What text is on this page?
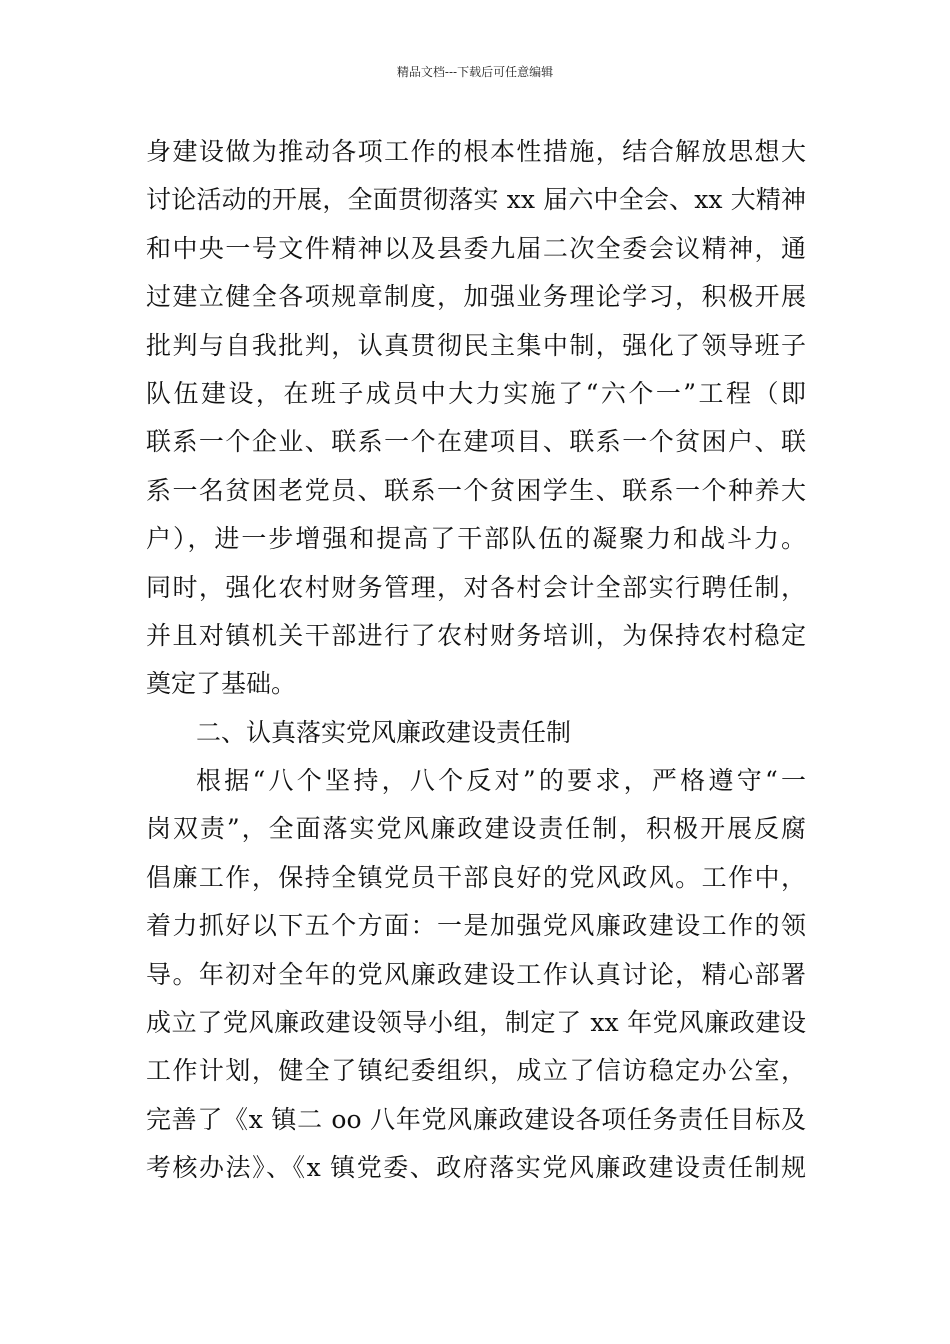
精品文档---下载后可任意编辑
身建设做为推动各项工作的根本性措施，结合解放思想大
讨论活动的开展，全面贯彻落实 xx 届六中全会、xx 大精神
和中央一号文件精神以及县委九届二次全委会议精神，通
过建立健全各项规章制度，加强业务理论学习，积极开展
批判与自我批判，认真贯彻民主集中制，强化了领导班子
队伍建设，在班子成员中大力实施了“六个一”工程（即
联系一个企业、联系一个在建项目、联系一个贫困户、联
系一名贫困老党员、联系一个贫困学生、联系一个种养大
户），进一步增强和提高了干部队伍的凝聚力和战斗力。
同时，强化农村财务管理，对各村会计全部实行聘任制，
并且对镇机关干部进行了农村财务培训，为保持农村稳定
奠定了基础。
二、认真落实党风廉政建设责任制
根据“八个坚持，八个反对”的要求，严格遵守“一
岗双责”，全面落实党风廉政建设责任制，积极开展反腐
倡廉工作，保持全镇党员干部良好的党风政风。工作中，
着力抓好以下五个方面：一是加强党风廉政建设工作的领
导。年初对全年的党风廉政建设工作认真讨论，精心部署
成立了党风廉政建设领导小组，制定了 xx 年党风廉政建设
工作计划，健全了镇纪委组织，成立了信访稳定办公室，
完善了《x 镇二 oo 八年党风廉政建设各项任务责任目标及
考核办法》、《x 镇党委、政府落实党风廉政建设责任制规
